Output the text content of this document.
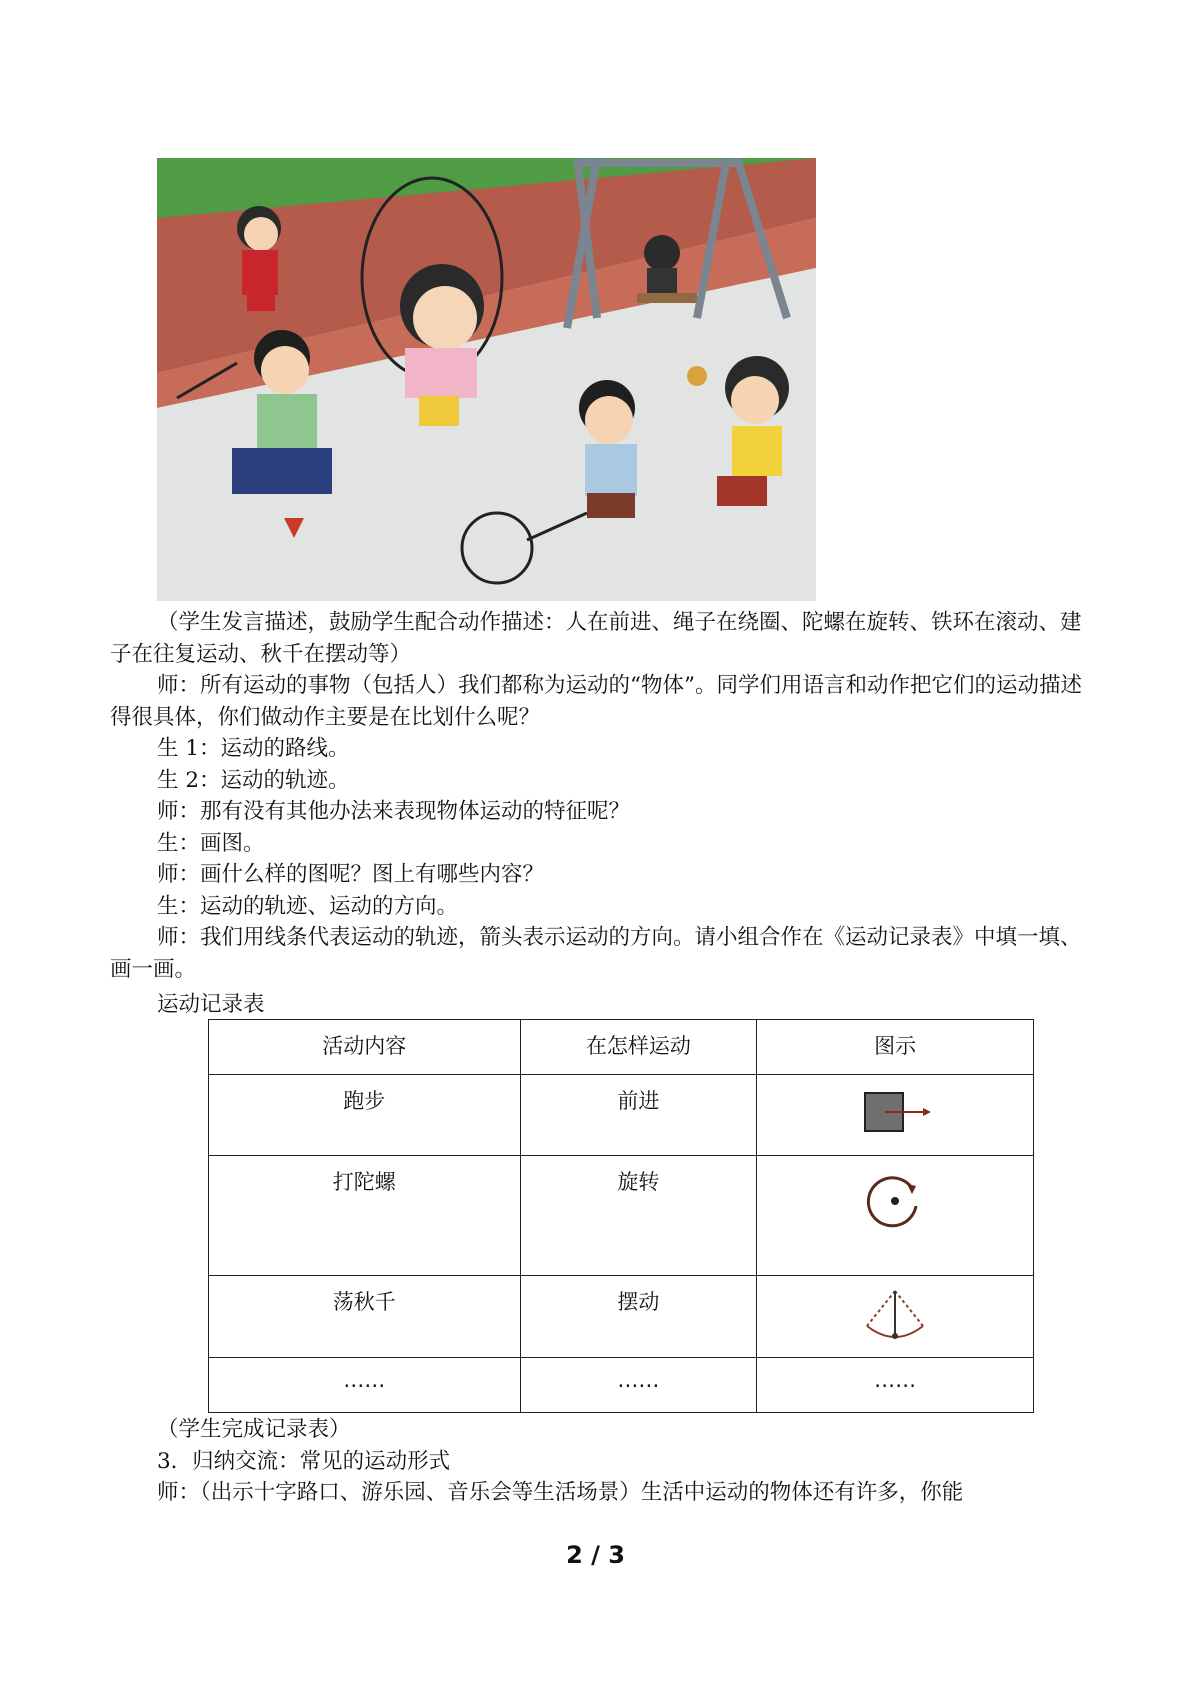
（学生发言描述，鼓励学生配合动作描述：人在前进、绳子在绕圈、陀螺在旋转、铁环在滚动、建子在往复运动、秋千在摆动等）

师：所有运动的事物（包括人）我们都称为运动的“物体”。同学们用语言和动作把它们的运动描述得很具体，你们做动作主要是在比划什么呢？

生 1：运动的路线。

生 2：运动的轨迹。

师：那有没有其他办法来表现物体运动的特征呢？

生：画图。

师：画什么样的图呢？图上有哪些内容？

生：运动的轨迹、运动的方向。

师：我们用线条代表运动的轨迹，箭头表示运动的方向。请小组合作在《运动记录表》中填一填、画一画。

运动记录表
活动内容	在怎样运动	图示
跑步	前进	
打陀螺	旋转	
荡秋千	摆动	
……	……	……

（学生完成记录表）

3．归纳交流：常见的运动形式

师：（出示十字路口、游乐园、音乐会等生活场景）生活中运动的物体还有许多，你能

2 / 3
